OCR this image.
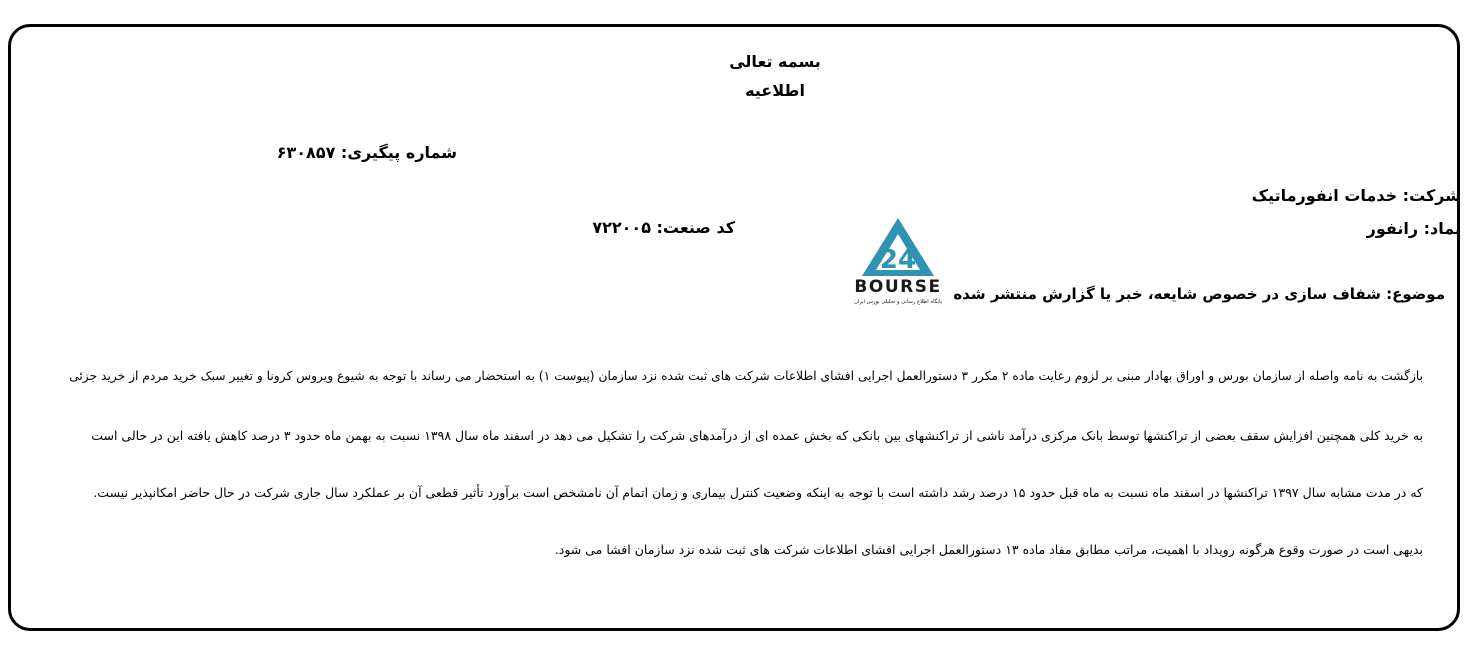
بسمه تعالی
اطلاعیه
شماره پیگیری: ۶۳۰۸۵۷
شرکت: خدمات انفورماتیک
نماد: رانفور
کد صنعت: ۷۲۲۰۰۵
24
BOURSE
پایگاه اطلاع رسانی و تحلیلی بورس ایران موضوع: شفاف سازی در خصوص شایعه، خبر یا گزارش منتشر شده
بازگشت به نامه واصله از سازمان بورس و اوراق بهادار مبنی بر لزوم رعایت ماده ۲ مکرر ۳ دستورالعمل اجرایی افشای اطلاعات شرکت های ثبت شده نزد سازمان (پیوست ۱) به استحضار می رساند با توجه به شیوع ویروس کرونا و تغییر سبک خرید مردم از خرید جزئی
به خرید کلی همچنین افزایش سقف بعضی از تراکنشها توسط بانک مرکزی درآمد ناشی از تراکنشهای بین بانکی که بخش عمده ای از درآمدهای شرکت را تشکیل می دهد در اسفند ماه سال ۱۳۹۸ نسبت به بهمن ماه حدود ۳ درصد کاهش یافته این در حالی است
که در مدت مشابه سال ۱۳۹۷ تراکنشها در اسفند ماه نسبت به ماه قبل حدود ۱۵ درصد رشد داشته است با توجه به اینکه وضعیت کنترل بیماری و زمان اتمام آن نامشخص است برآورد تأثیر قطعی آن بر عملکرد سال جاری شرکت در حال حاضر امکانپذیر نیست.
بدیهی است در صورت وقوع هرگونه رویداد با اهمیت، مراتب مطابق مفاد ماده ۱۳ دستورالعمل اجرایی افشای اطلاعات شرکت های ثبت شده نزد سازمان افشا می شود.
